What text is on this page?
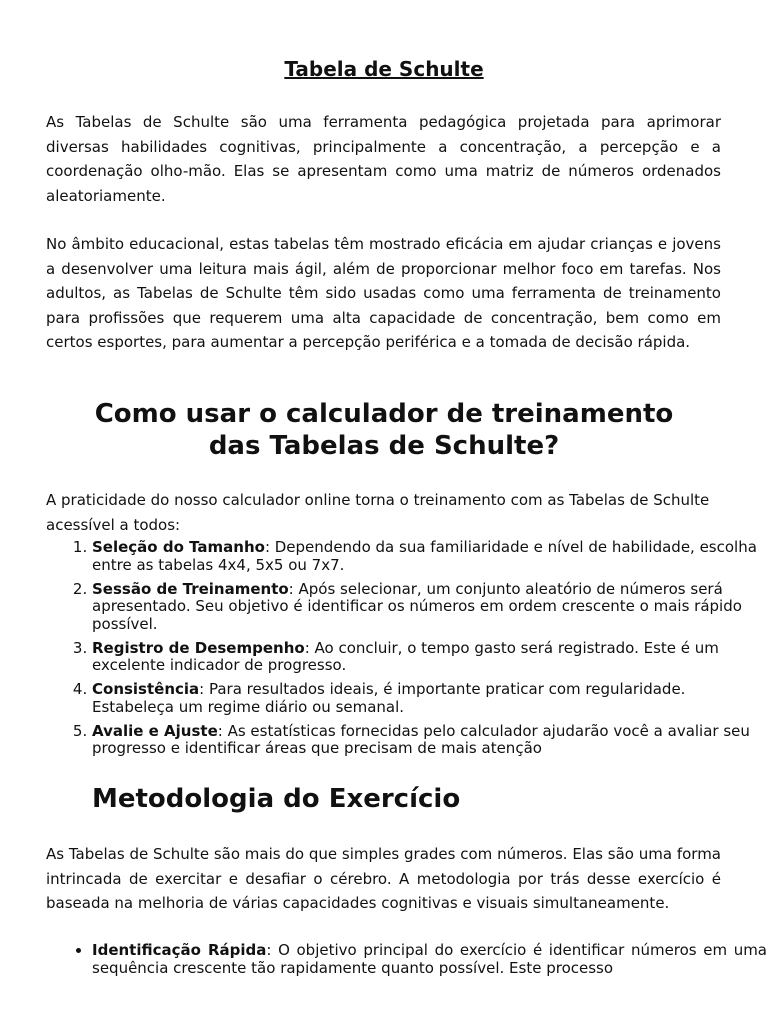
Tabela de Schulte

As Tabelas de Schulte são uma ferramenta pedagógica projetada para aprimorar diversas habilidades cognitivas, principalmente a concentração, a percepção e a coordenação olho-mão. Elas se apresentam como uma matriz de números ordenados aleatoriamente.

No âmbito educacional, estas tabelas têm mostrado eficácia em ajudar crianças e jovens a desenvolver uma leitura mais ágil, além de proporcionar melhor foco em tarefas. Nos adultos, as Tabelas de Schulte têm sido usadas como uma ferramenta de treinamento para profissões que requerem uma alta capacidade de concentração, bem como em certos esportes, para aumentar a percepção periférica e a tomada de decisão rápida.

Como usar o calculador de treinamento
das Tabelas de Schulte?

A praticidade do nosso calculador online torna o treinamento com as Tabelas de Schulte acessível a todos:

1. Seleção do Tamanho: Dependendo da sua familiaridade e nível de habilidade, escolha entre as tabelas 4x4, 5x5 ou 7x7.
2. Sessão de Treinamento: Após selecionar, um conjunto aleatório de números será apresentado. Seu objetivo é identificar os números em ordem crescente o mais rápido possível.
3. Registro de Desempenho: Ao concluir, o tempo gasto será registrado. Este é um excelente indicador de progresso.
4. Consistência: Para resultados ideais, é importante praticar com regularidade. Estabeleça um regime diário ou semanal.
5. Avalie e Ajuste: As estatísticas fornecidas pelo calculador ajudarão você a avaliar seu progresso e identificar áreas que precisam de mais atenção
Metodologia do Exercício

As Tabelas de Schulte são mais do que simples grades com números. Elas são uma forma intrincada de exercitar e desafiar o cérebro. A metodologia por trás desse exercício é baseada na melhoria de várias capacidades cognitivas e visuais simultaneamente.

• Identificação Rápida: O objetivo principal do exercício é identificar números em uma sequência crescente tão rapidamente quanto possível. Este processo
